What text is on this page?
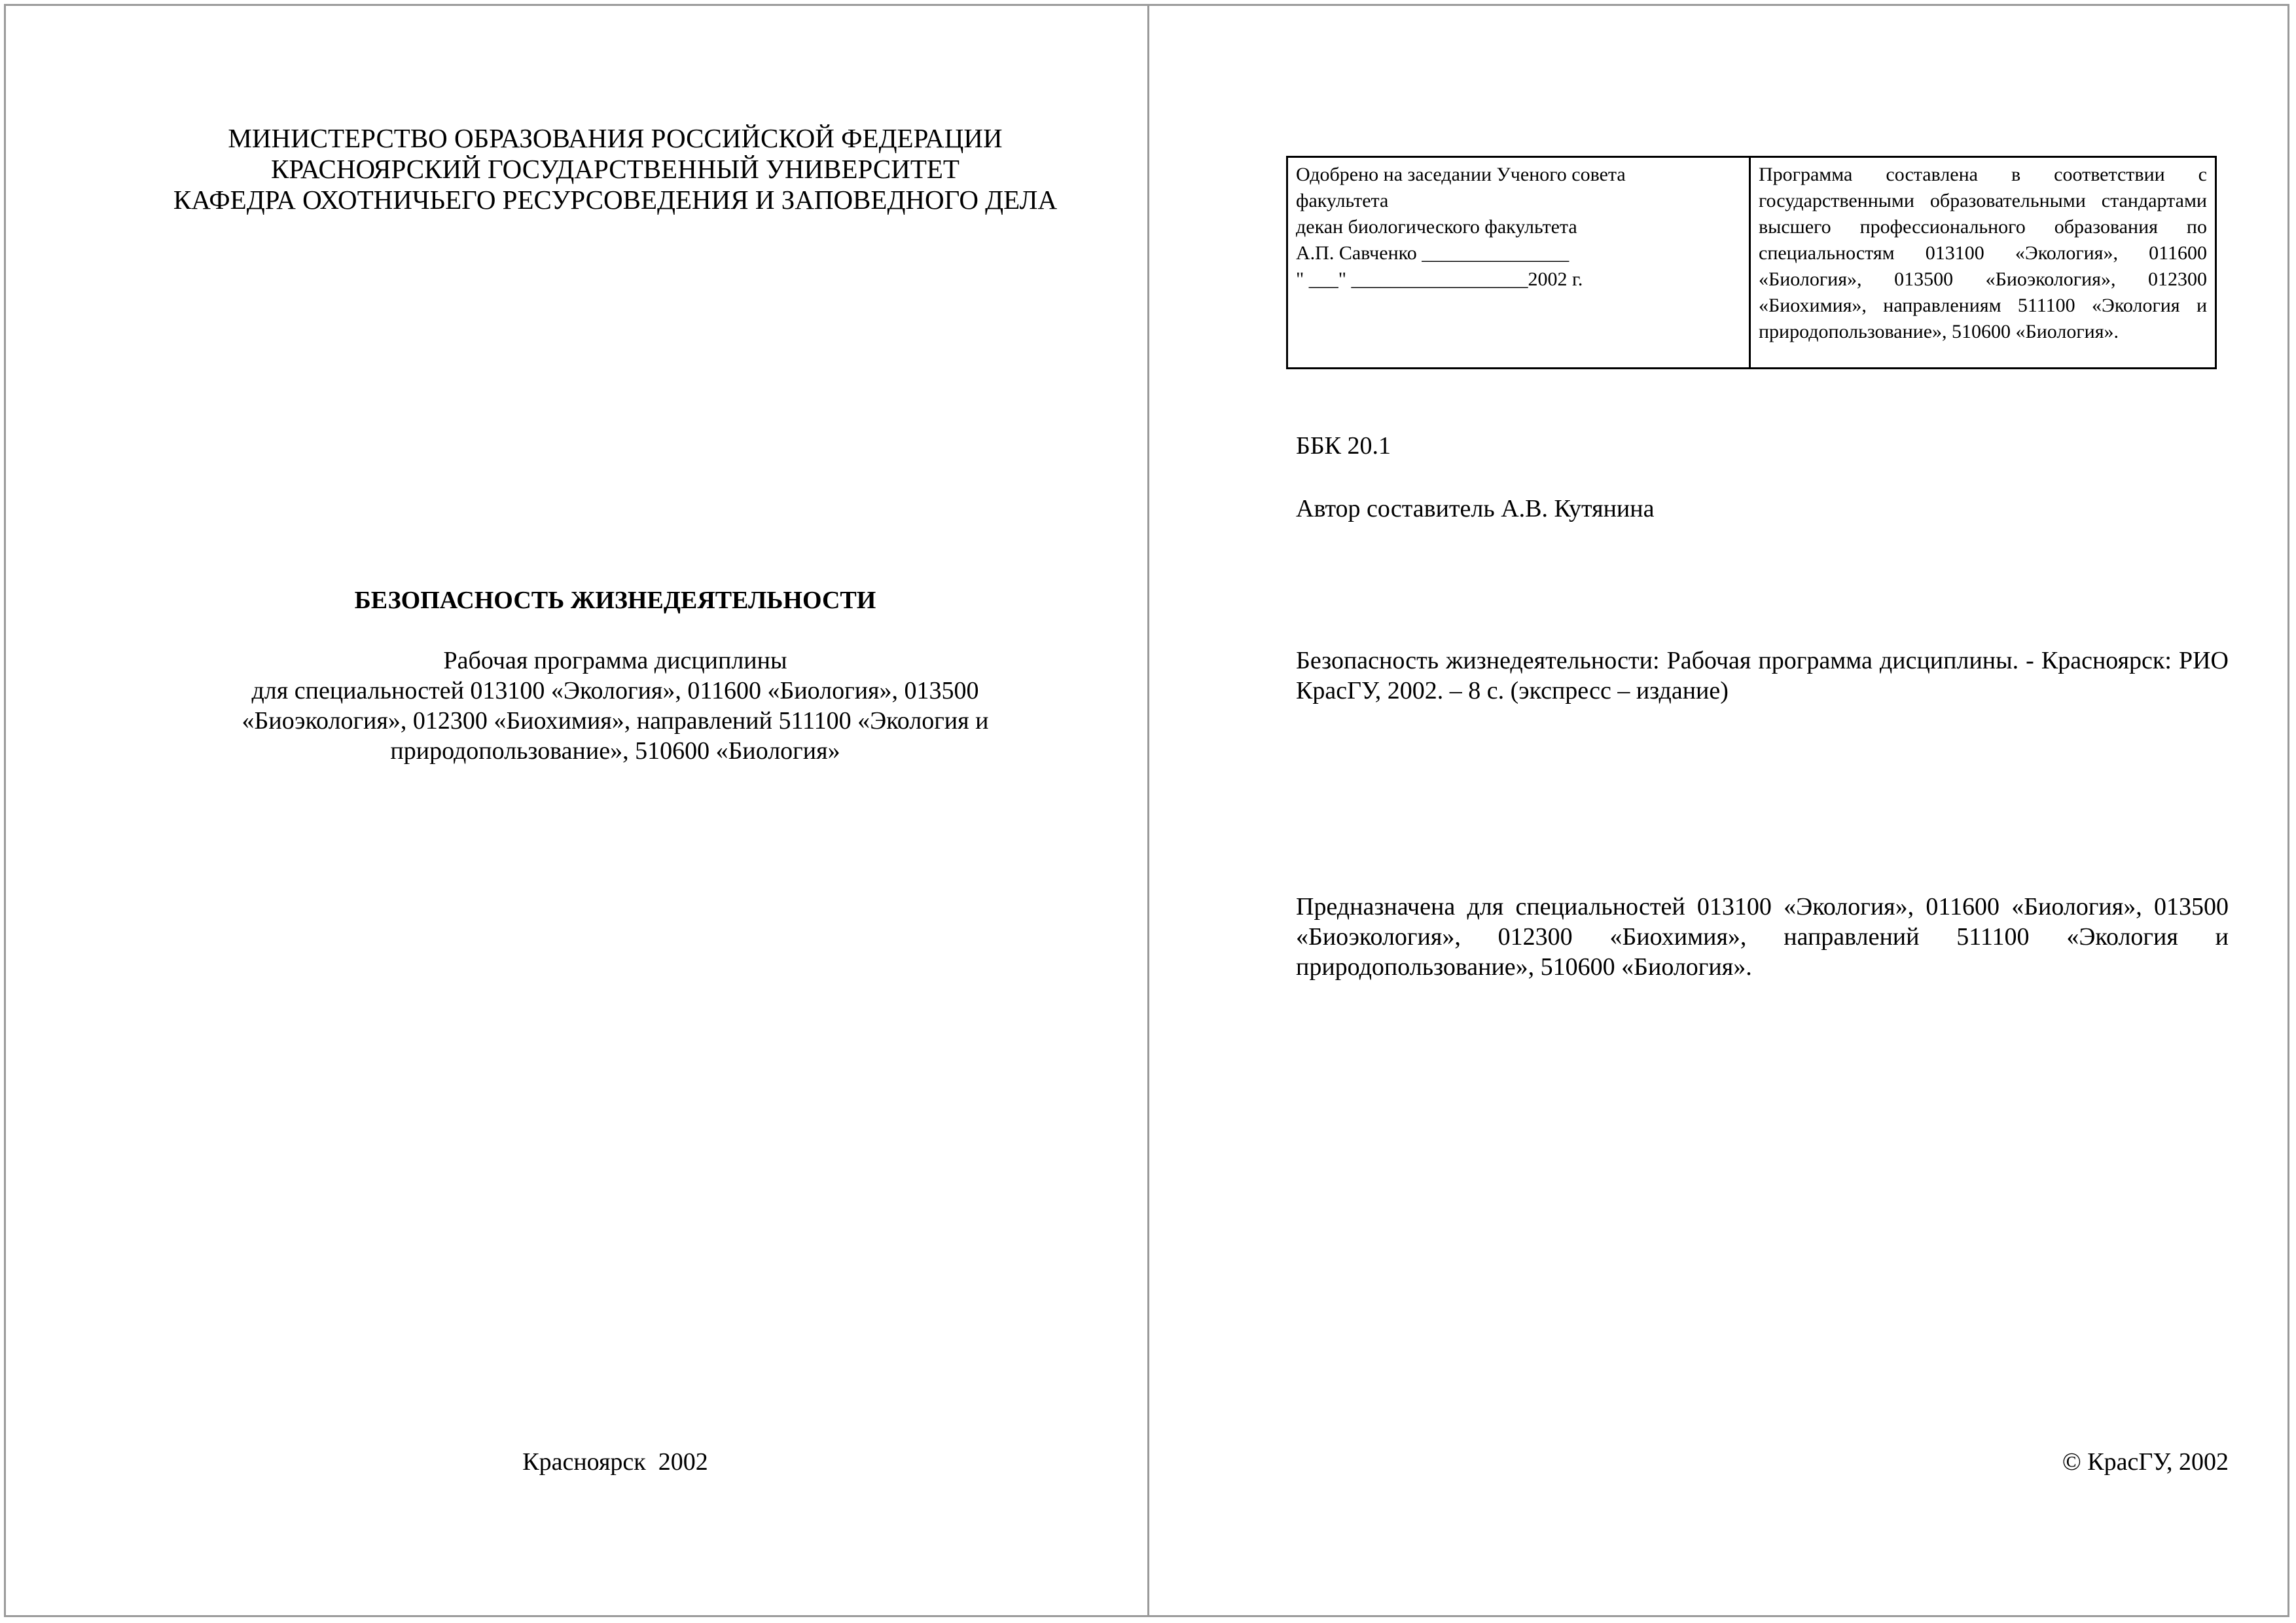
МИНИСТЕРСТВО ОБРАЗОВАНИЯ РОССИЙСКОЙ ФЕДЕРАЦИИ
КРАСНОЯРСКИЙ ГОСУДАРСТВЕННЫЙ УНИВЕРСИТЕТ
КАФЕДРА ОХОТНИЧЬЕГО РЕСУРСОВЕДЕНИЯ И ЗАПОВЕДНОГО ДЕЛА
БЕЗОПАСНОСТЬ ЖИЗНЕДЕЯТЕЛЬНОСТИ
Рабочая программа дисциплины
для специальностей 013100 «Экология», 011600 «Биология», 013500 «Биоэкология», 012300 «Биохимия», направлений 511100 «Экология и природопользование», 510600 «Биология»
Красноярск  2002
Одобрено на заседании Ученого совета
факультета
декан биологического факультета
А.П. Савченко _______________
" ___" __________________2002 г.
Программа составлена в соответствии с государственными образовательными стандартами высшего профессионального образования по специальностям 013100 «Экология», 011600 «Биология», 013500 «Биоэкология», 012300 «Биохимия», направлениям 511100 «Экология и природопользование», 510600 «Биология».
ББК 20.1
Автор составитель А.В. Кутянина
Безопасность жизнедеятельности: Рабочая программа дисциплины. - Красноярск: РИО КрасГУ, 2002. – 8 с. (экспресс – издание)
Предназначена для специальностей 013100 «Экология», 011600 «Биология», 013500 «Биоэкология», 012300 «Биохимия», направлений 511100 «Экология и природопользование», 510600 «Биология».
© КрасГУ, 2002
